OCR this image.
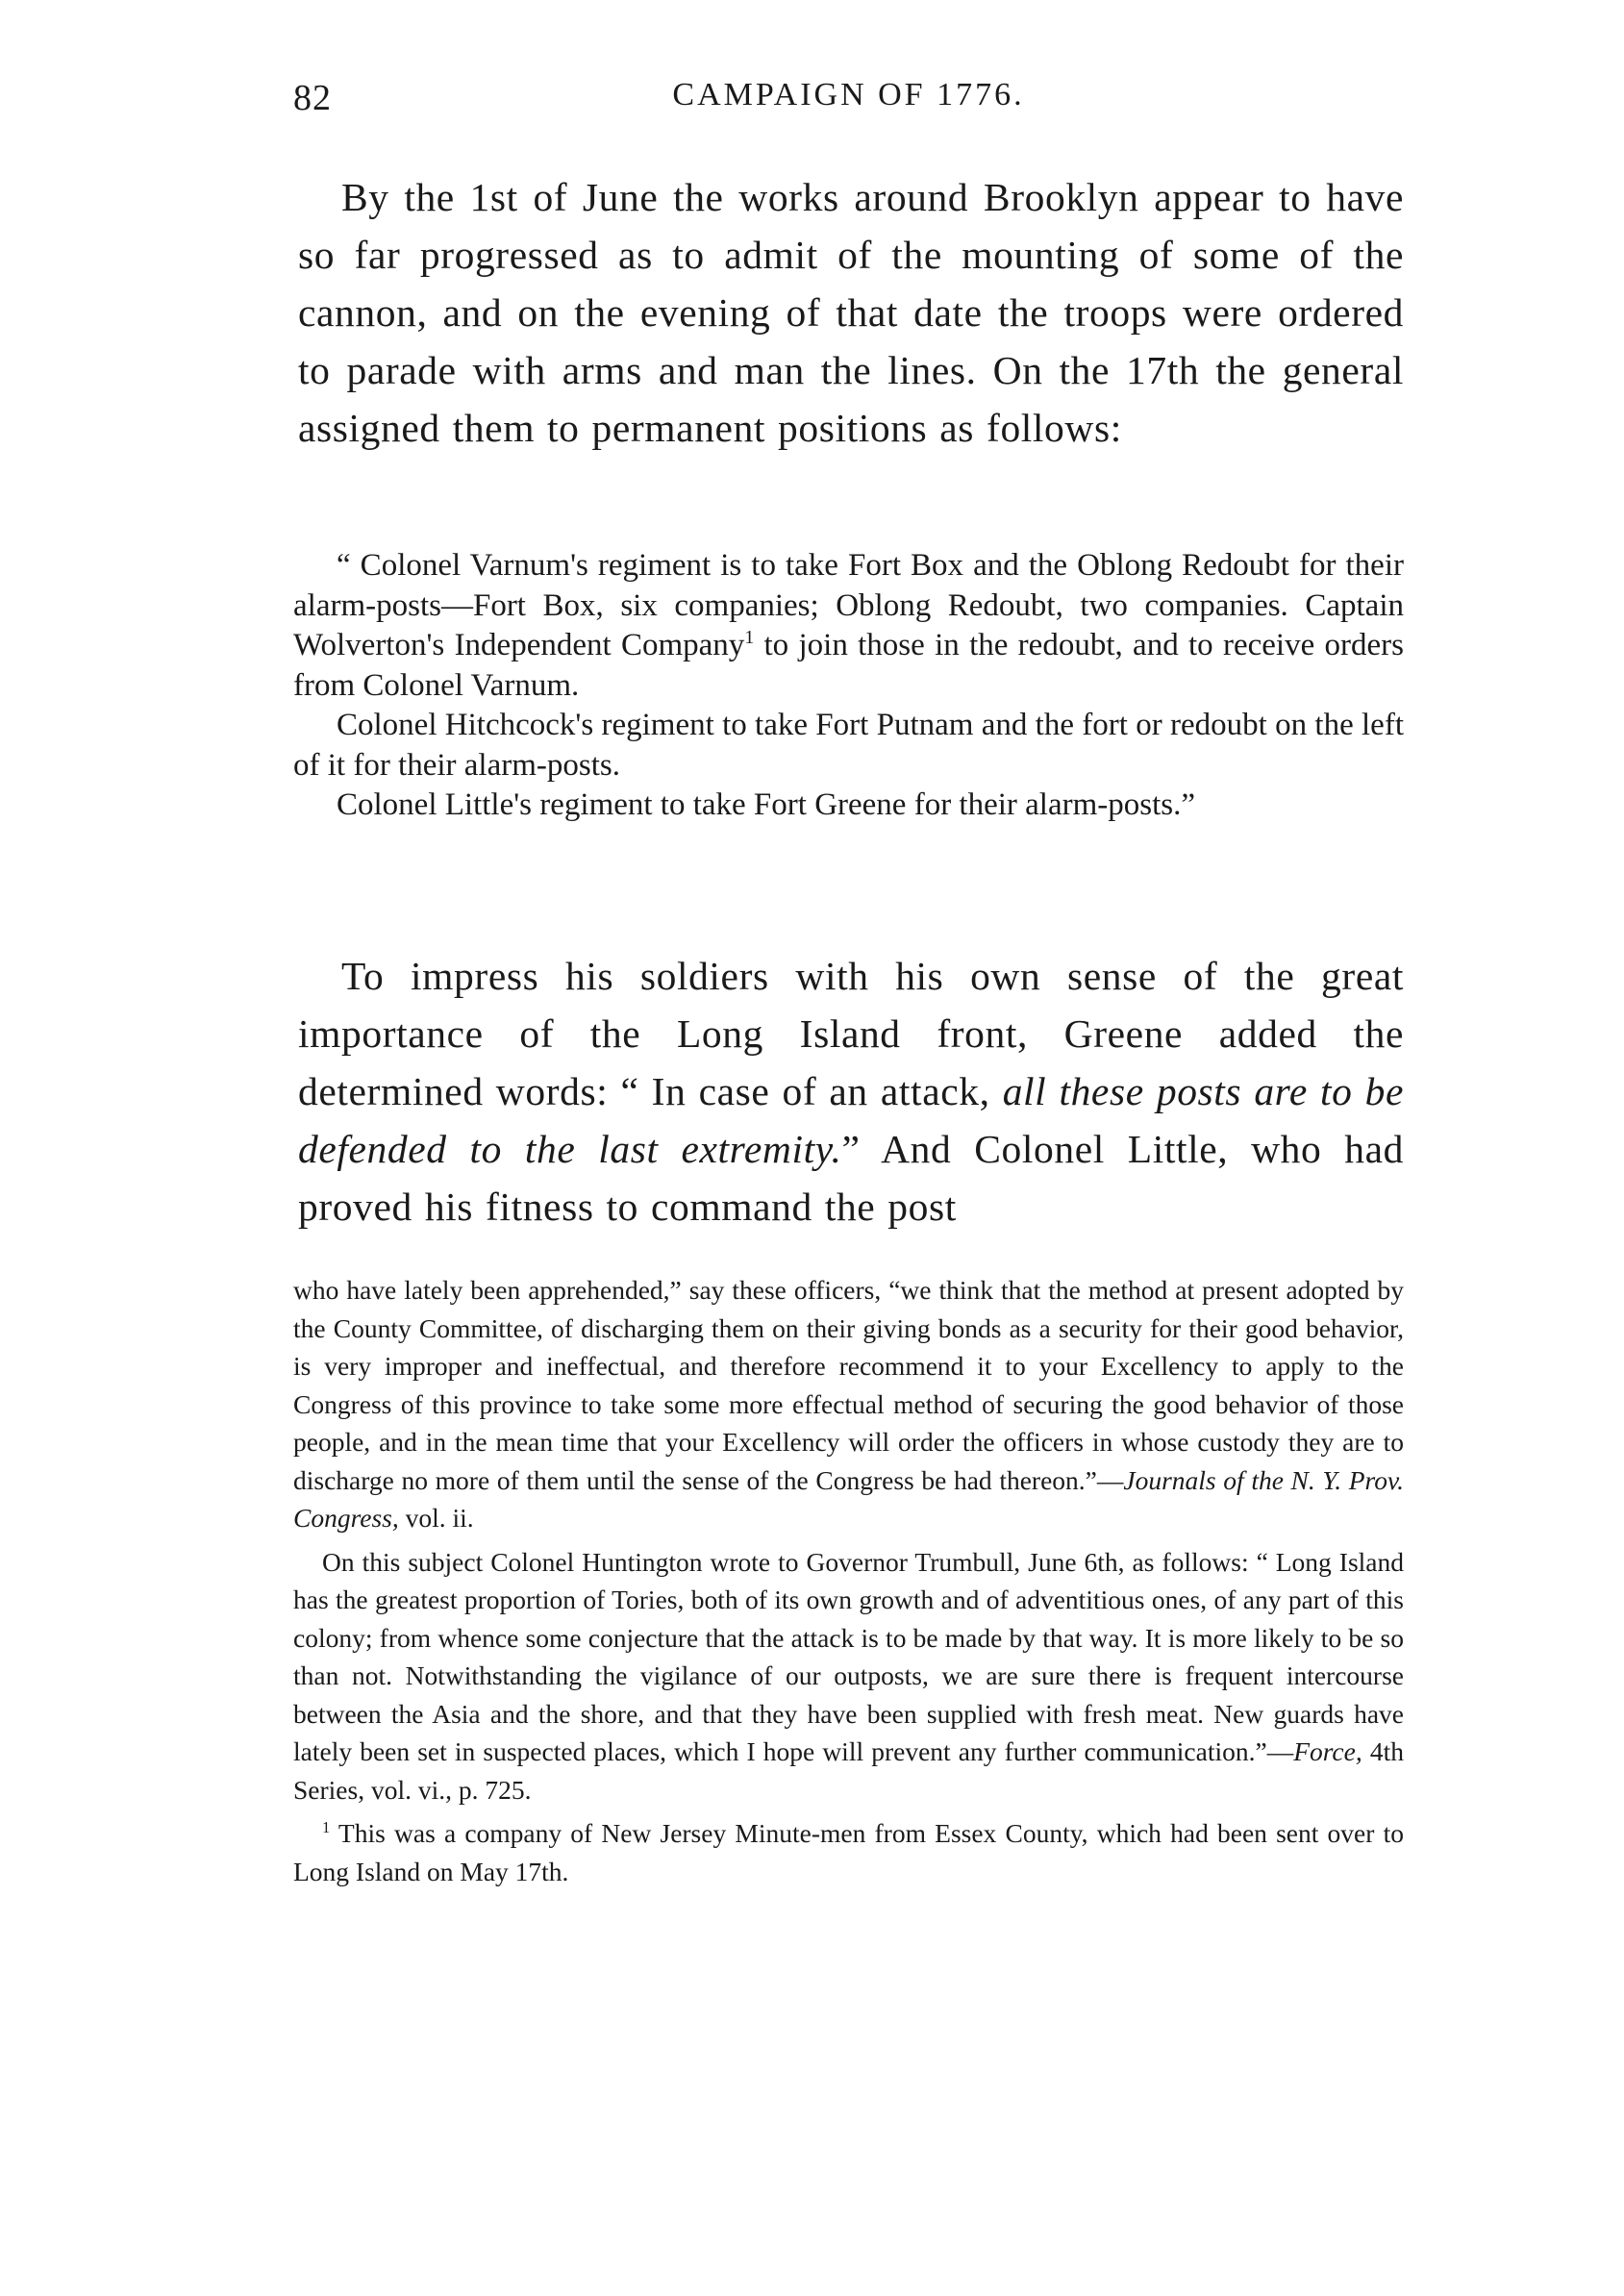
82	CAMPAIGN OF 1776.

By the 1st of June the works around Brooklyn appear to have so far progressed as to admit of the mounting of some of the cannon, and on the evening of that date the troops were ordered to parade with arms and man the lines. On the 17th the general assigned them to permanent positions as follows:

“ Colonel Varnum's regiment is to take Fort Box and the Oblong Redoubt for their alarm-posts—Fort Box, six companies; Oblong Redoubt, two companies. Captain Wolverton's Independent Company$^1$ to join those in the redoubt, and to receive orders from Colonel Varnum.

Colonel Hitchcock's regiment to take Fort Putnam and the fort or redoubt on the left of it for their alarm-posts.

Colonel Little's regiment to take Fort Greene for their alarm-posts.”

To impress his soldiers with his own sense of the great importance of the Long Island front, Greene added the determined words: “ In case of an attack, all these posts are to be defended to the last extremity.” And Colonel Little, who had proved his fitness to command the post

who have lately been apprehended,” say these officers, “we think that the method at present adopted by the County Committee, of discharging them on their giving bonds as a security for their good behavior, is very improper and ineffectual, and therefore recommend it to your Excellency to apply to the Congress of this province to take some more effectual method of securing the good behavior of those people, and in the mean time that your Excellency will order the officers in whose custody they are to discharge no more of them until the sense of the Congress be had thereon.”—Journals of the N. Y. Prov. Congress, vol. ii.

On this subject Colonel Huntington wrote to Governor Trumbull, June 6th, as follows: “ Long Island has the greatest proportion of Tories, both of its own growth and of adventitious ones, of any part of this colony; from whence some conjecture that the attack is to be made by that way. It is more likely to be so than not. Notwithstanding the vigilance of our outposts, we are sure there is frequent intercourse between the Asia and the shore, and that they have been supplied with fresh meat. New guards have lately been set in suspected places, which I hope will prevent any further communication.”—Force, 4th Series, vol. vi., p. 725.

$^1$ This was a company of New Jersey Minute-men from Essex County, which had been sent over to Long Island on May 17th.
